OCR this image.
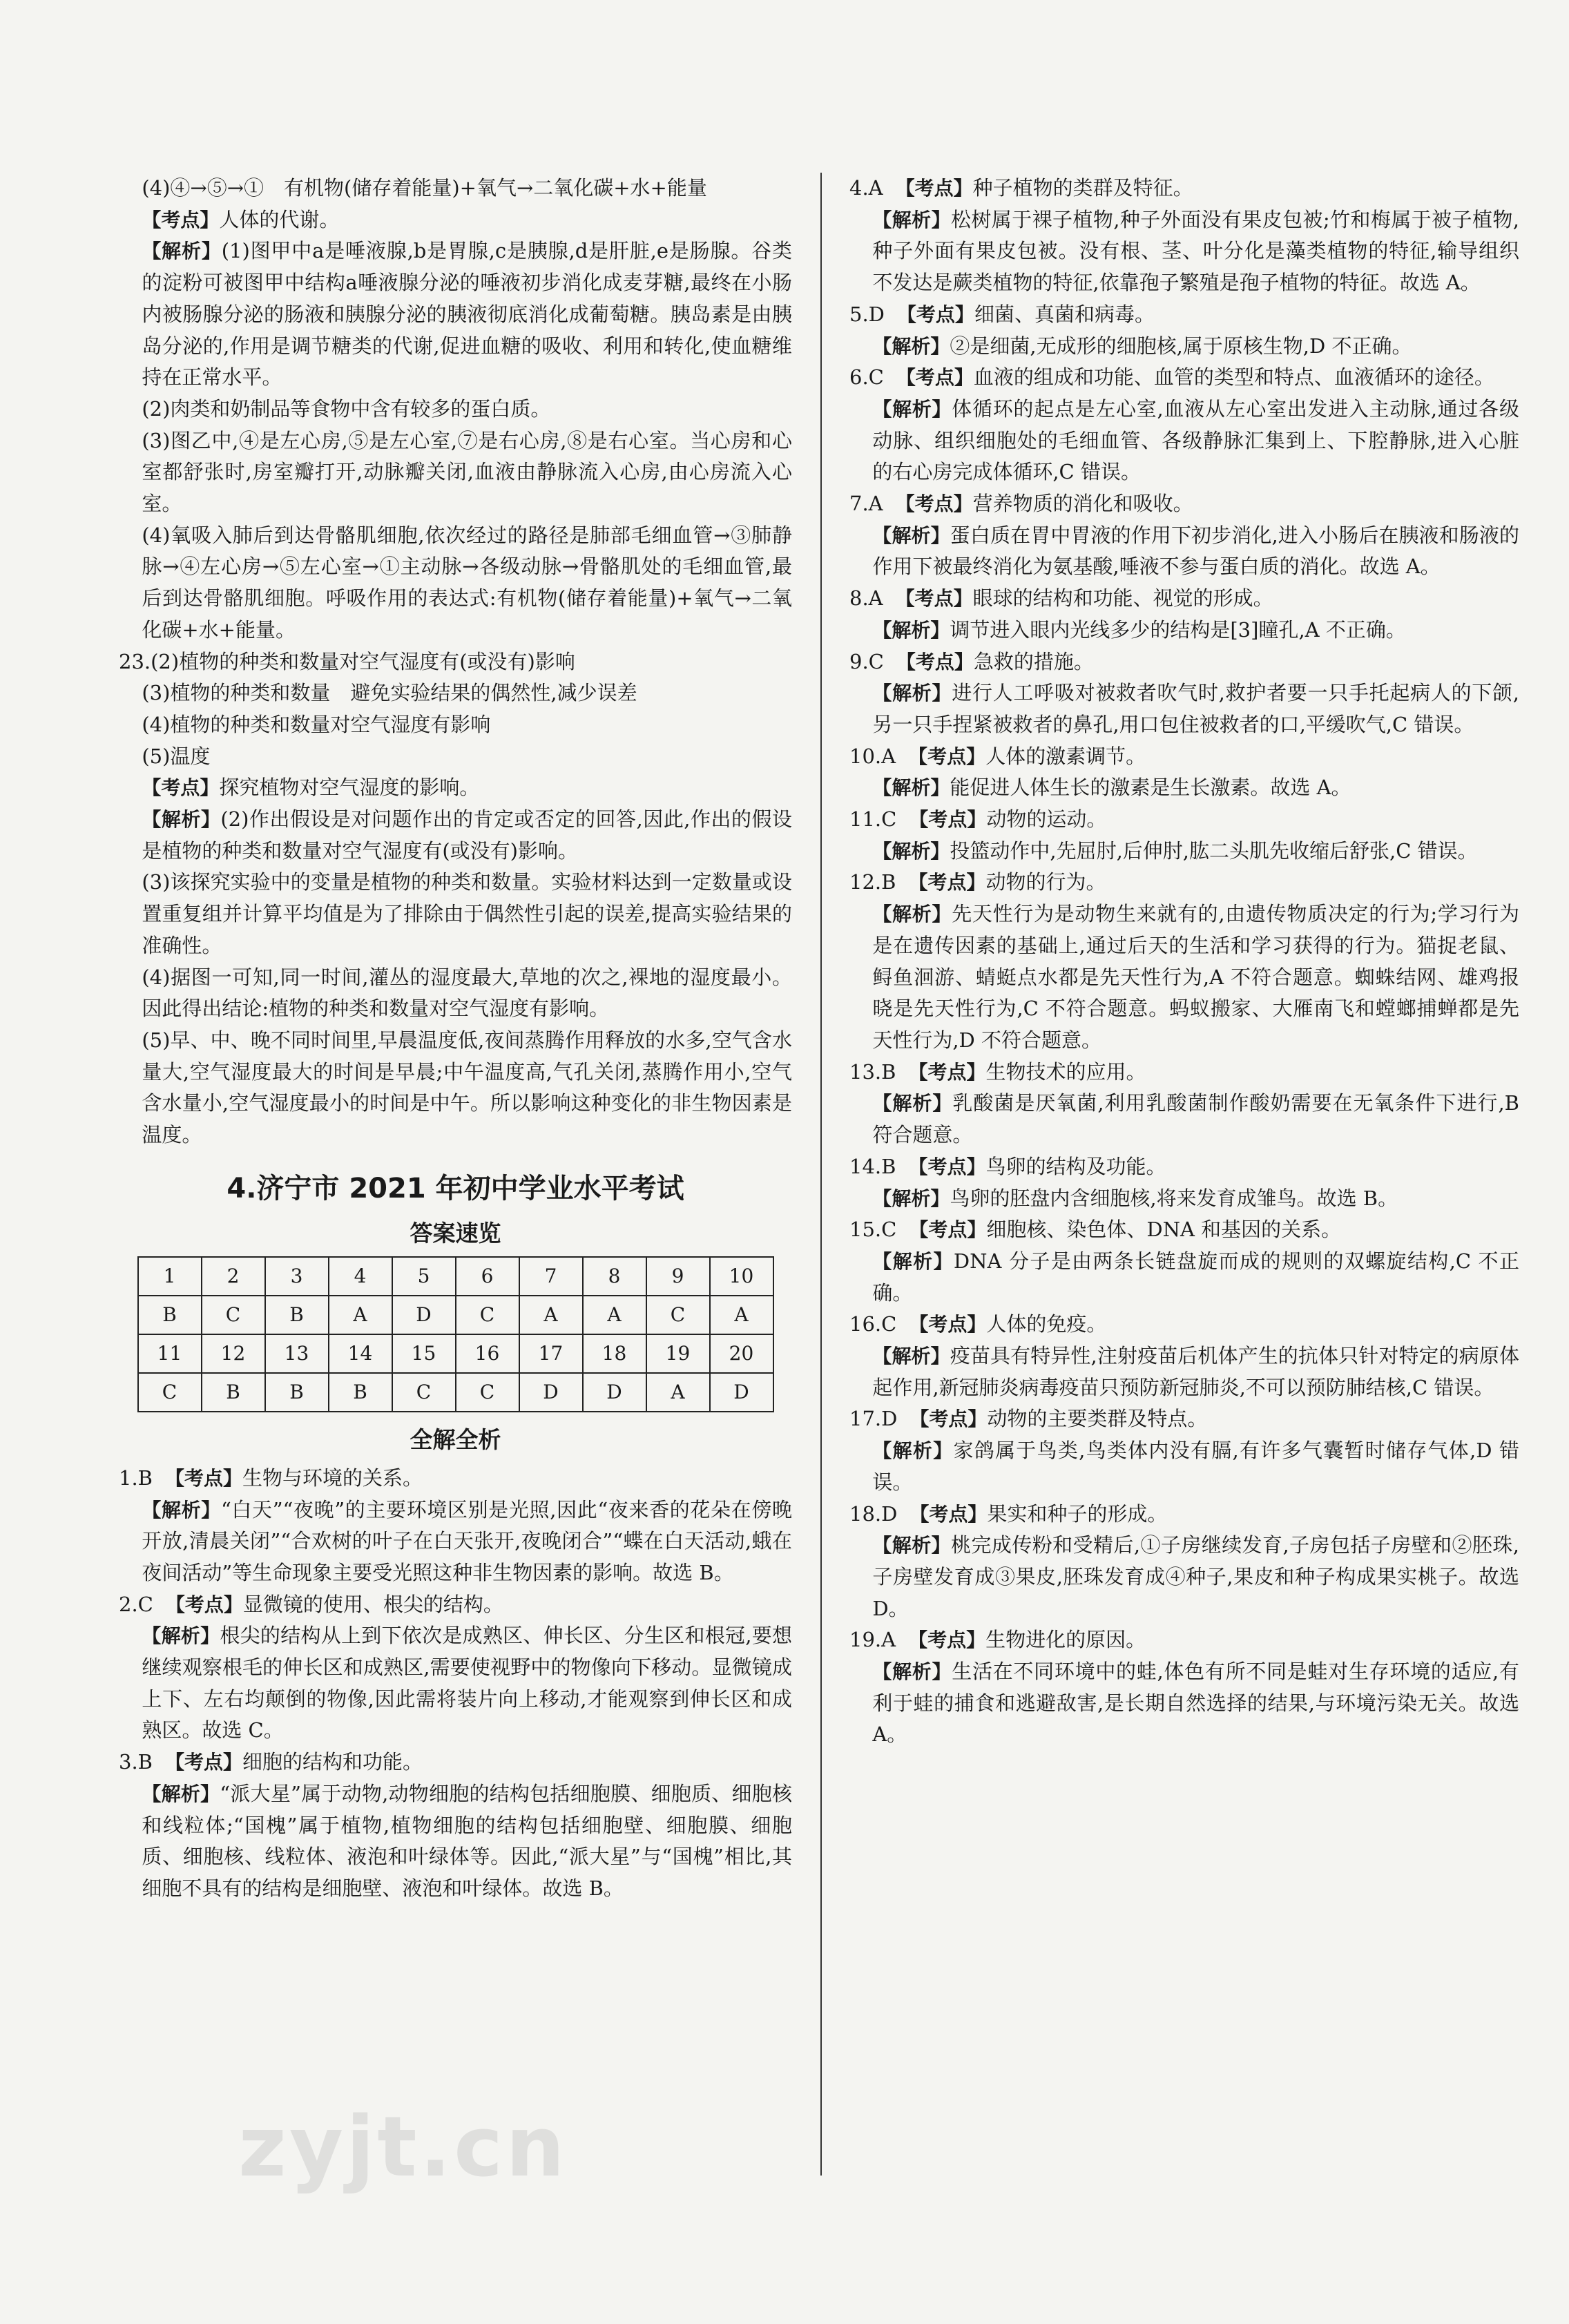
(4)④→⑤→①　有机物(储存着能量)+氧气→二氧化碳+水+能量

【考点】人体的代谢。

【解析】(1)图甲中a是唾液腺,b是胃腺,c是胰腺,d是肝脏,e是肠腺。谷类的淀粉可被图甲中结构a唾液腺分泌的唾液初步消化成麦芽糖,最终在小肠内被肠腺分泌的肠液和胰腺分泌的胰液彻底消化成葡萄糖。胰岛素是由胰岛分泌的,作用是调节糖类的代谢,促进血糖的吸收、利用和转化,使血糖维持在正常水平。

(2)肉类和奶制品等食物中含有较多的蛋白质。

(3)图乙中,④是左心房,⑤是左心室,⑦是右心房,⑧是右心室。当心房和心室都舒张时,房室瓣打开,动脉瓣关闭,血液由静脉流入心房,由心房流入心室。

(4)氧吸入肺后到达骨骼肌细胞,依次经过的路径是肺部毛细血管→③肺静脉→④左心房→⑤左心室→①主动脉→各级动脉→骨骼肌处的毛细血管,最后到达骨骼肌细胞。呼吸作用的表达式:有机物(储存着能量)+氧气→二氧化碳+水+能量。

23.(2)植物的种类和数量对空气湿度有(或没有)影响

(3)植物的种类和数量　避免实验结果的偶然性,减少误差

(4)植物的种类和数量对空气湿度有影响

(5)温度

【考点】探究植物对空气湿度的影响。

【解析】(2)作出假设是对问题作出的肯定或否定的回答,因此,作出的假设是植物的种类和数量对空气湿度有(或没有)影响。

(3)该探究实验中的变量是植物的种类和数量。实验材料达到一定数量或设置重复组并计算平均值是为了排除由于偶然性引起的误差,提高实验结果的准确性。

(4)据图一可知,同一时间,灌丛的湿度最大,草地的次之,裸地的湿度最小。因此得出结论:植物的种类和数量对空气湿度有影响。

(5)早、中、晚不同时间里,早晨温度低,夜间蒸腾作用释放的水多,空气含水量大,空气湿度最大的时间是早晨;中午温度高,气孔关闭,蒸腾作用小,空气含水量小,空气湿度最小的时间是中午。所以影响这种变化的非生物因素是温度。

4.济宁市 2021 年初中学业水平考试
答案速览
1	2	3	4	5	6	7	8	9	10
B	C	B	A	D	C	A	A	C	A
11	12	13	14	15	16	17	18	19	20
C	B	B	B	C	C	D	D	A	D
全解全析

1.B 【考点】生物与环境的关系。

【解析】“白天”“夜晚”的主要环境区别是光照,因此“夜来香的花朵在傍晚开放,清晨关闭”“合欢树的叶子在白天张开,夜晚闭合”“蝶在白天活动,蛾在夜间活动”等生命现象主要受光照这种非生物因素的影响。故选 B。

2.C 【考点】显微镜的使用、根尖的结构。

【解析】根尖的结构从上到下依次是成熟区、伸长区、分生区和根冠,要想继续观察根毛的伸长区和成熟区,需要使视野中的物像向下移动。显微镜成上下、左右均颠倒的物像,因此需将装片向上移动,才能观察到伸长区和成熟区。故选 C。

3.B 【考点】细胞的结构和功能。

【解析】“派大星”属于动物,动物细胞的结构包括细胞膜、细胞质、细胞核和线粒体;“国槐”属于植物,植物细胞的结构包括细胞壁、细胞膜、细胞质、细胞核、线粒体、液泡和叶绿体等。因此,“派大星”与“国槐”相比,其细胞不具有的结构是细胞壁、液泡和叶绿体。故选 B。

4.A 【考点】种子植物的类群及特征。

【解析】松树属于裸子植物,种子外面没有果皮包被;竹和梅属于被子植物,种子外面有果皮包被。没有根、茎、叶分化是藻类植物的特征,输导组织不发达是蕨类植物的特征,依靠孢子繁殖是孢子植物的特征。故选 A。

5.D 【考点】细菌、真菌和病毒。

【解析】②是细菌,无成形的细胞核,属于原核生物,D 不正确。

6.C 【考点】血液的组成和功能、血管的类型和特点、血液循环的途径。

【解析】体循环的起点是左心室,血液从左心室出发进入主动脉,通过各级动脉、组织细胞处的毛细血管、各级静脉汇集到上、下腔静脉,进入心脏的右心房完成体循环,C 错误。

7.A 【考点】营养物质的消化和吸收。

【解析】蛋白质在胃中胃液的作用下初步消化,进入小肠后在胰液和肠液的作用下被最终消化为氨基酸,唾液不参与蛋白质的消化。故选 A。

8.A 【考点】眼球的结构和功能、视觉的形成。

【解析】调节进入眼内光线多少的结构是[3]瞳孔,A 不正确。

9.C 【考点】急救的措施。

【解析】进行人工呼吸对被救者吹气时,救护者要一只手托起病人的下颌,另一只手捏紧被救者的鼻孔,用口包住被救者的口,平缓吹气,C 错误。

10.A 【考点】人体的激素调节。

【解析】能促进人体生长的激素是生长激素。故选 A。

11.C 【考点】动物的运动。

【解析】投篮动作中,先屈肘,后伸肘,肱二头肌先收缩后舒张,C 错误。

12.B 【考点】动物的行为。

【解析】先天性行为是动物生来就有的,由遗传物质决定的行为;学习行为是在遗传因素的基础上,通过后天的生活和学习获得的行为。猫捉老鼠、鲟鱼洄游、蜻蜓点水都是先天性行为,A 不符合题意。蜘蛛结网、雄鸡报晓是先天性行为,C 不符合题意。蚂蚁搬家、大雁南飞和螳螂捕蝉都是先天性行为,D 不符合题意。

13.B 【考点】生物技术的应用。

【解析】乳酸菌是厌氧菌,利用乳酸菌制作酸奶需要在无氧条件下进行,B 符合题意。

14.B 【考点】鸟卵的结构及功能。

【解析】鸟卵的胚盘内含细胞核,将来发育成雏鸟。故选 B。

15.C 【考点】细胞核、染色体、DNA 和基因的关系。

【解析】DNA 分子是由两条长链盘旋而成的规则的双螺旋结构,C 不正确。

16.C 【考点】人体的免疫。

【解析】疫苗具有特异性,注射疫苗后机体产生的抗体只针对特定的病原体起作用,新冠肺炎病毒疫苗只预防新冠肺炎,不可以预防肺结核,C 错误。

17.D 【考点】动物的主要类群及特点。

【解析】家鸽属于鸟类,鸟类体内没有膈,有许多气囊暂时储存气体,D 错误。

18.D 【考点】果实和种子的形成。

【解析】桃完成传粉和受精后,①子房继续发育,子房包括子房壁和②胚珠,子房壁发育成③果皮,胚珠发育成④种子,果皮和种子构成果实桃子。故选 D。

19.A 【考点】生物进化的原因。

【解析】生活在不同环境中的蛙,体色有所不同是蛙对生存环境的适应,有利于蛙的捕食和逃避敌害,是长期自然选择的结果,与环境污染无关。故选 A。

zyjt.cn
